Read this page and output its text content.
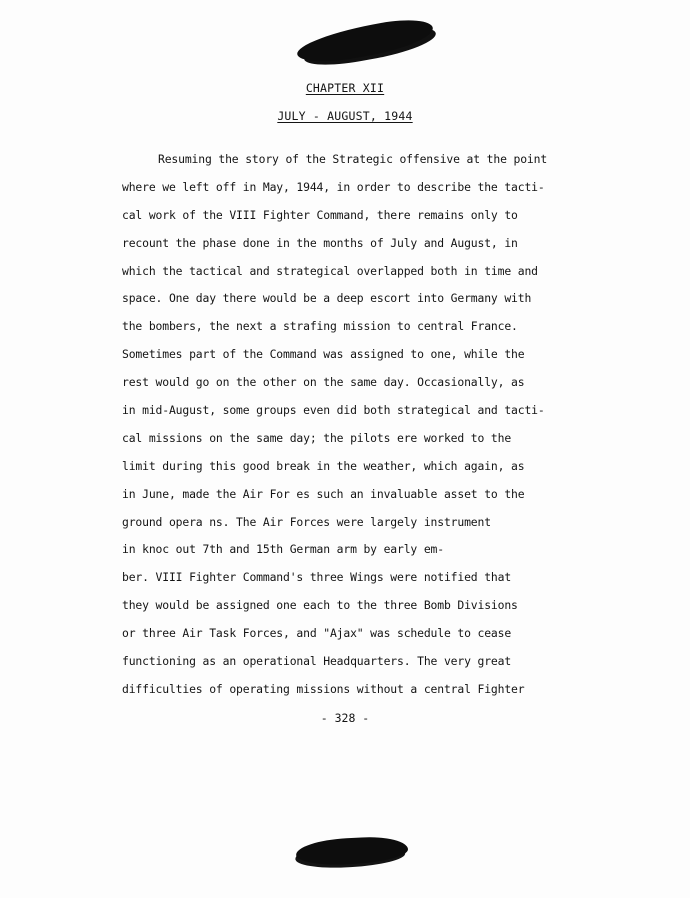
CHAPTER XII
JULY - AUGUST, 1944
Resuming the story of the Strategic offensive at the point
where we left off in May, 1944, in order to describe the tacti-
cal work of the VIII Fighter Command, there remains only to
recount the phase done in the months of July and August, in
which the tactical and strategical overlapped both in time and
space. One day there would be a deep escort into Germany with
the bombers, the next a strafing mission to central France.
Sometimes part of the Command was assigned to one, while the
rest would go on the other on the same day. Occasionally, as
in mid-August, some groups even did both strategical and tacti-
cal missions on the same day; the pilots ere worked to the
limit during this good break in the weather, which again, as
in June, made the Air For es such an invaluable asset to the
ground opera ns. The Air Forces were largely instrument
in knoc out 7th and 15th German arm by early em-
ber. VIII Fighter Command's three Wings were notified that
they would be assigned one each to the three Bomb Divisions
or three Air Task Forces, and "Ajax" was schedule to cease
functioning as an operational Headquarters. The very great
difficulties of operating missions without a central Fighter
- 328 -
